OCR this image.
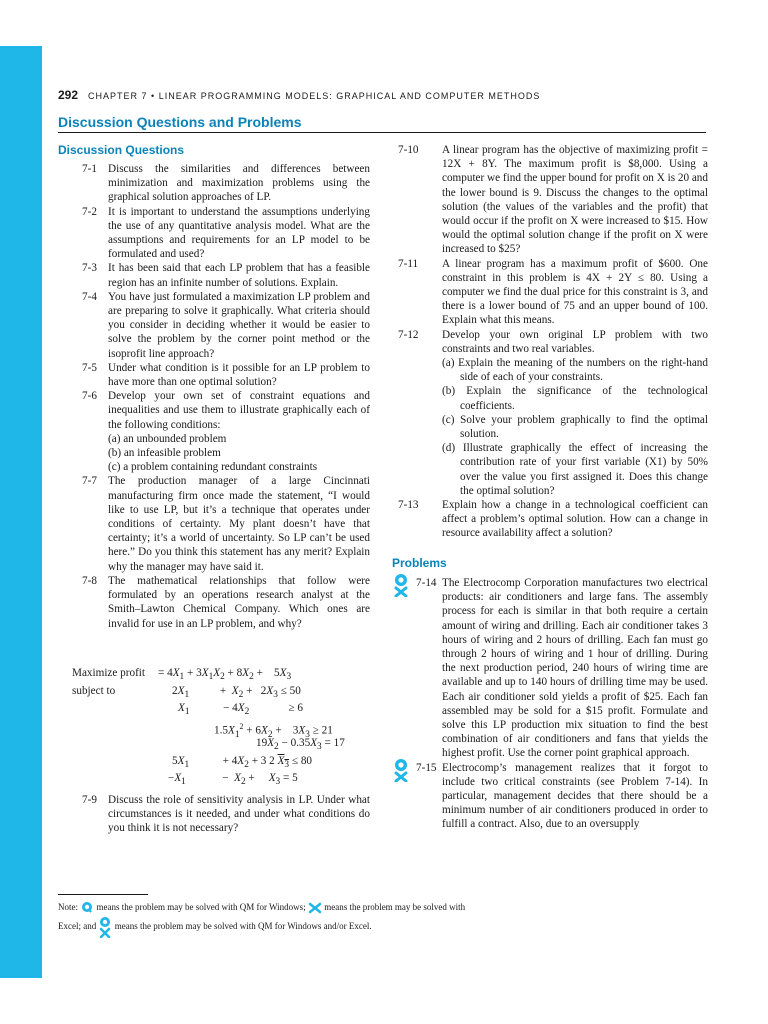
292 CHAPTER 7 • LINEAR PROGRAMMING MODELS: GRAPHICAL AND COMPUTER METHODS
Discussion Questions and Problems
Discussion Questions
7-1 Discuss the similarities and differences between minimization and maximization problems using the graphical solution approaches of LP.
7-2 It is important to understand the assumptions underlying the use of any quantitative analysis model. What are the assumptions and requirements for an LP model to be formulated and used?
7-3 It has been said that each LP problem that has a feasible region has an infinite number of solutions. Explain.
7-4 You have just formulated a maximization LP problem and are preparing to solve it graphically. What criteria should you consider in deciding whether it would be easier to solve the problem by the corner point method or the isoprofit line approach?
7-5 Under what condition is it possible for an LP problem to have more than one optimal solution?
7-6 Develop your own set of constraint equations and inequalities and use them to illustrate graphically each of the following conditions:
(a) an unbounded problem
(b) an infeasible problem
(c) a problem containing redundant constraints
7-7 The production manager of a large Cincinnati manufacturing firm once made the statement, “I would like to use LP, but it’s a technique that operates under conditions of certainty. My plant doesn’t have that certainty; it’s a world of uncertainty. So LP can’t be used here.” Do you think this statement has any merit? Explain why the manager may have said it.
7-8 The mathematical relationships that follow were formulated by an operations research analyst at the Smith–Lawton Chemical Company. Which ones are invalid for use in an LP problem, and why?
Maximize profit = $4X_1 + 3X_1X_2 + 8X_2$ +    $5X_3$
subject to	$2X_1$           +  $X_2 + 2X_3 \le 50$
$X_1$            − $4X_2$              ≥ 6
$1.5X_1^2 + 6X_2$ +    $3X_3 \ge 21$
$19X_2 - 0.35X_3 = 17$
$5X_1$            + $4X_2 + 3$ 2 $X_3 \le 80$
$-X_1$             −  $X_2$ +     $X_3 = 5$
7-9 Discuss the role of sensitivity analysis in LP. Under what circumstances is it needed, and under what conditions do you think it is not necessary?
7-10 A linear program has the objective of maximizing profit = 12X + 8Y. The maximum profit is $8,000. Using a computer we find the upper bound for profit on X is 20 and the lower bound is 9. Discuss the changes to the optimal solution (the values of the variables and the profit) that would occur if the profit on X were increased to $15. How would the optimal solution change if the profit on X were increased to $25?
7-11 A linear program has a maximum profit of $600. One constraint in this problem is 4X + 2Y ≤ 80. Using a computer we find the dual price for this constraint is 3, and there is a lower bound of 75 and an upper bound of 100. Explain what this means.
7-12 Develop your own original LP problem with two constraints and two real variables.
(a) Explain the meaning of the numbers on the right-hand side of each of your constraints.
(b) Explain the significance of the technological coefficients.
(c) Solve your problem graphically to find the optimal solution.
(d) Illustrate graphically the effect of increasing the contribution rate of your first variable (X1) by 50% over the value you first assigned it. Does this change the optimal solution?
7-13 Explain how a change in a technological coefficient can affect a problem’s optimal solution. How can a change in resource availability affect a solution?
Problems
7-14 The Electrocomp Corporation manufactures two electrical products: air conditioners and large fans. The assembly process for each is similar in that both require a certain amount of wiring and drilling. Each air conditioner takes 3 hours of wiring and 2 hours of drilling. Each fan must go through 2 hours of wiring and 1 hour of drilling. During the next production period, 240 hours of wiring time are available and up to 140 hours of drilling time may be used. Each air conditioner sold yields a profit of $25. Each fan assembled may be sold for a $15 profit. Formulate and solve this LP production mix situation to find the best combination of air conditioners and fans that yields the highest profit. Use the corner point graphical approach.
7-15 Electrocomp’s management realizes that it forgot to include two critical constraints (see Problem 7-14). In particular, management decides that there should be a minimum number of air conditioners produced in order to fulfill a contract. Also, due to an oversupply
Note: means the problem may be solved with QM for Windows; means the problem may be solved with Excel; and means the problem may be solved with QM for Windows and/or Excel.
